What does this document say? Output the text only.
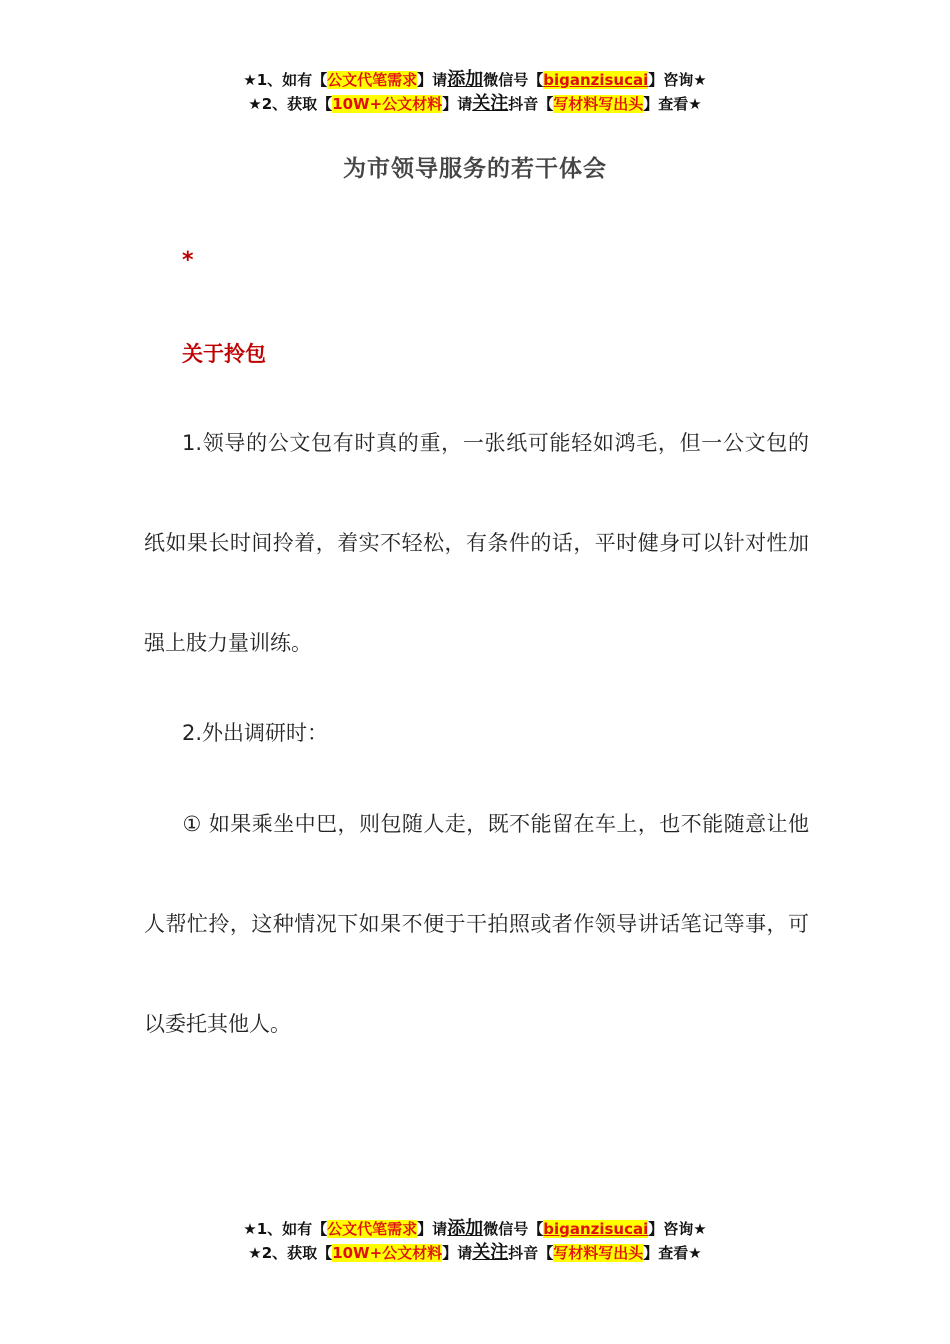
★1、如有【公文代笔需求】请添加微信号【biganzisucai】咨询★
★2、获取【10W+公文材料】请关注抖音【写材料写出头】查看★
为市领导服务的若干体会
*
关于拎包
1.领导的公文包有时真的重，一张纸可能轻如鸿毛，但一公文包的纸如果长时间拎着，着实不轻松，有条件的话，平时健身可以针对性加强上肢力量训练。
2.外出调研时：
① 如果乘坐中巴，则包随人走，既不能留在车上，也不能随意让他人帮忙拎，这种情况下如果不便于干拍照或者作领导讲话笔记等事，可以委托其他人。
★1、如有【公文代笔需求】请添加微信号【biganzisucai】咨询★
★2、获取【10W+公文材料】请关注抖音【写材料写出头】查看★
